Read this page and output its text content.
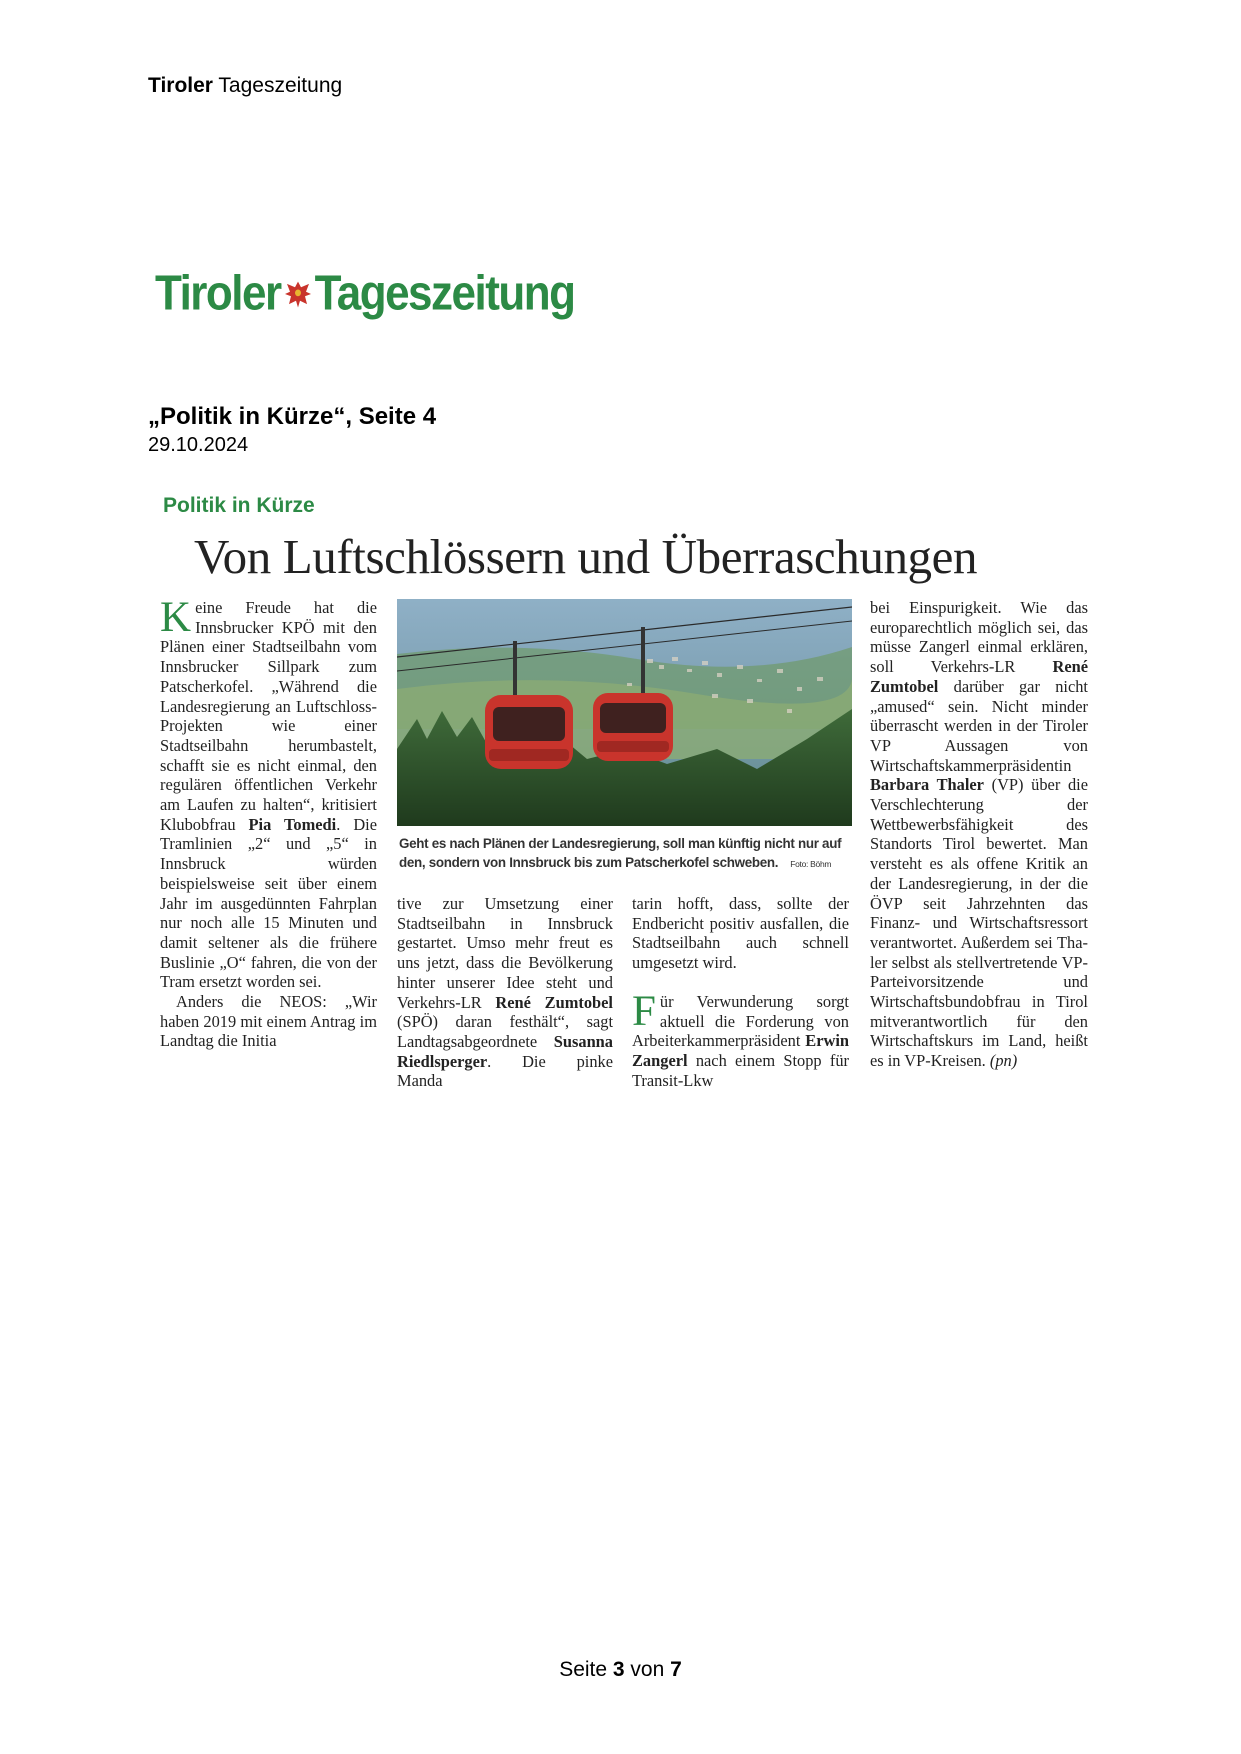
Tiroler Tageszeitung
Tiroler Tageszeitung
„Politik in Kürze“, Seite 4
29.10.2024
Politik in Kürze
Von Luftschlössern und Überraschungen

Keine Freude hat die Innsbrucker KPÖ mit den Plänen einer Stadtseilbahn vom Innsbrucker Sillpark zum Patscherkofel. „Während die Landesregierung an Luftschloss-Projekten wie einer Stadtseilbahn herumbastelt, schafft sie es nicht einmal, den regulären öffentlichen Verkehr am Laufen zu halten“, kritisiert Klubobfrau Pia Tomedi. Die Tramlinien „2“ und „5“ in Innsbruck würden beispielsweise seit über einem Jahr im ausgedünnten Fahrplan nur noch alle 15 Minuten und damit seltener als die frühere Buslinie „O“ fahren, die von der Tram ersetzt worden sei.

Anders die NEOS: „Wir haben 2019 mit einem Antrag im Landtag die Initia

Geht es nach Plänen der Landesregierung, soll man künftig nicht nur auf den, sondern von Innsbruck bis zum Patscherkofel schweben. Foto: Böhm

tive zur Umsetzung einer Stadtseilbahn in Innsbruck gestartet. Umso mehr freut es uns jetzt, dass die Bevölkerung hinter unserer Idee steht und Verkehrs-LR René Zumtobel (SPÖ) daran festhält“, sagt Landtagsabgeordnete Susanna Riedlsperger. Die pinke Manda

tarin hofft, dass, sollte der Endbericht positiv ausfallen, die Stadtseilbahn auch schnell umgesetzt wird.

Für Verwunderung sorgt aktuell die Forderung von Arbeiterkammerpräsident Erwin Zangerl nach einem Stopp für Transit-Lkw

bei Einspurigkeit. Wie das europarechtlich möglich sei, das müsse Zangerl einmal erklären, soll Verkehrs-LR René Zumtobel darüber gar nicht „amused“ sein. Nicht minder überrascht werden in der Tiroler VP Aussagen von Wirtschaftskammerpräsidentin Barbara Thaler (VP) über die Verschlechterung der Wettbewerbsfähigkeit des Standorts Tirol bewertet. Man versteht es als offene Kritik an der Landesregierung, in der die ÖVP seit Jahrzehnten das Finanz- und Wirtschaftsressort verantwortet. Außerdem sei Thaler selbst als stellvertretende VP-Parteivorsitzende und Wirtschaftsbundobfrau in Tirol mitverantwortlich für den Wirtschaftskurs im Land, heißt es in VP-Kreisen. (pn)

Seite 3 von 7
